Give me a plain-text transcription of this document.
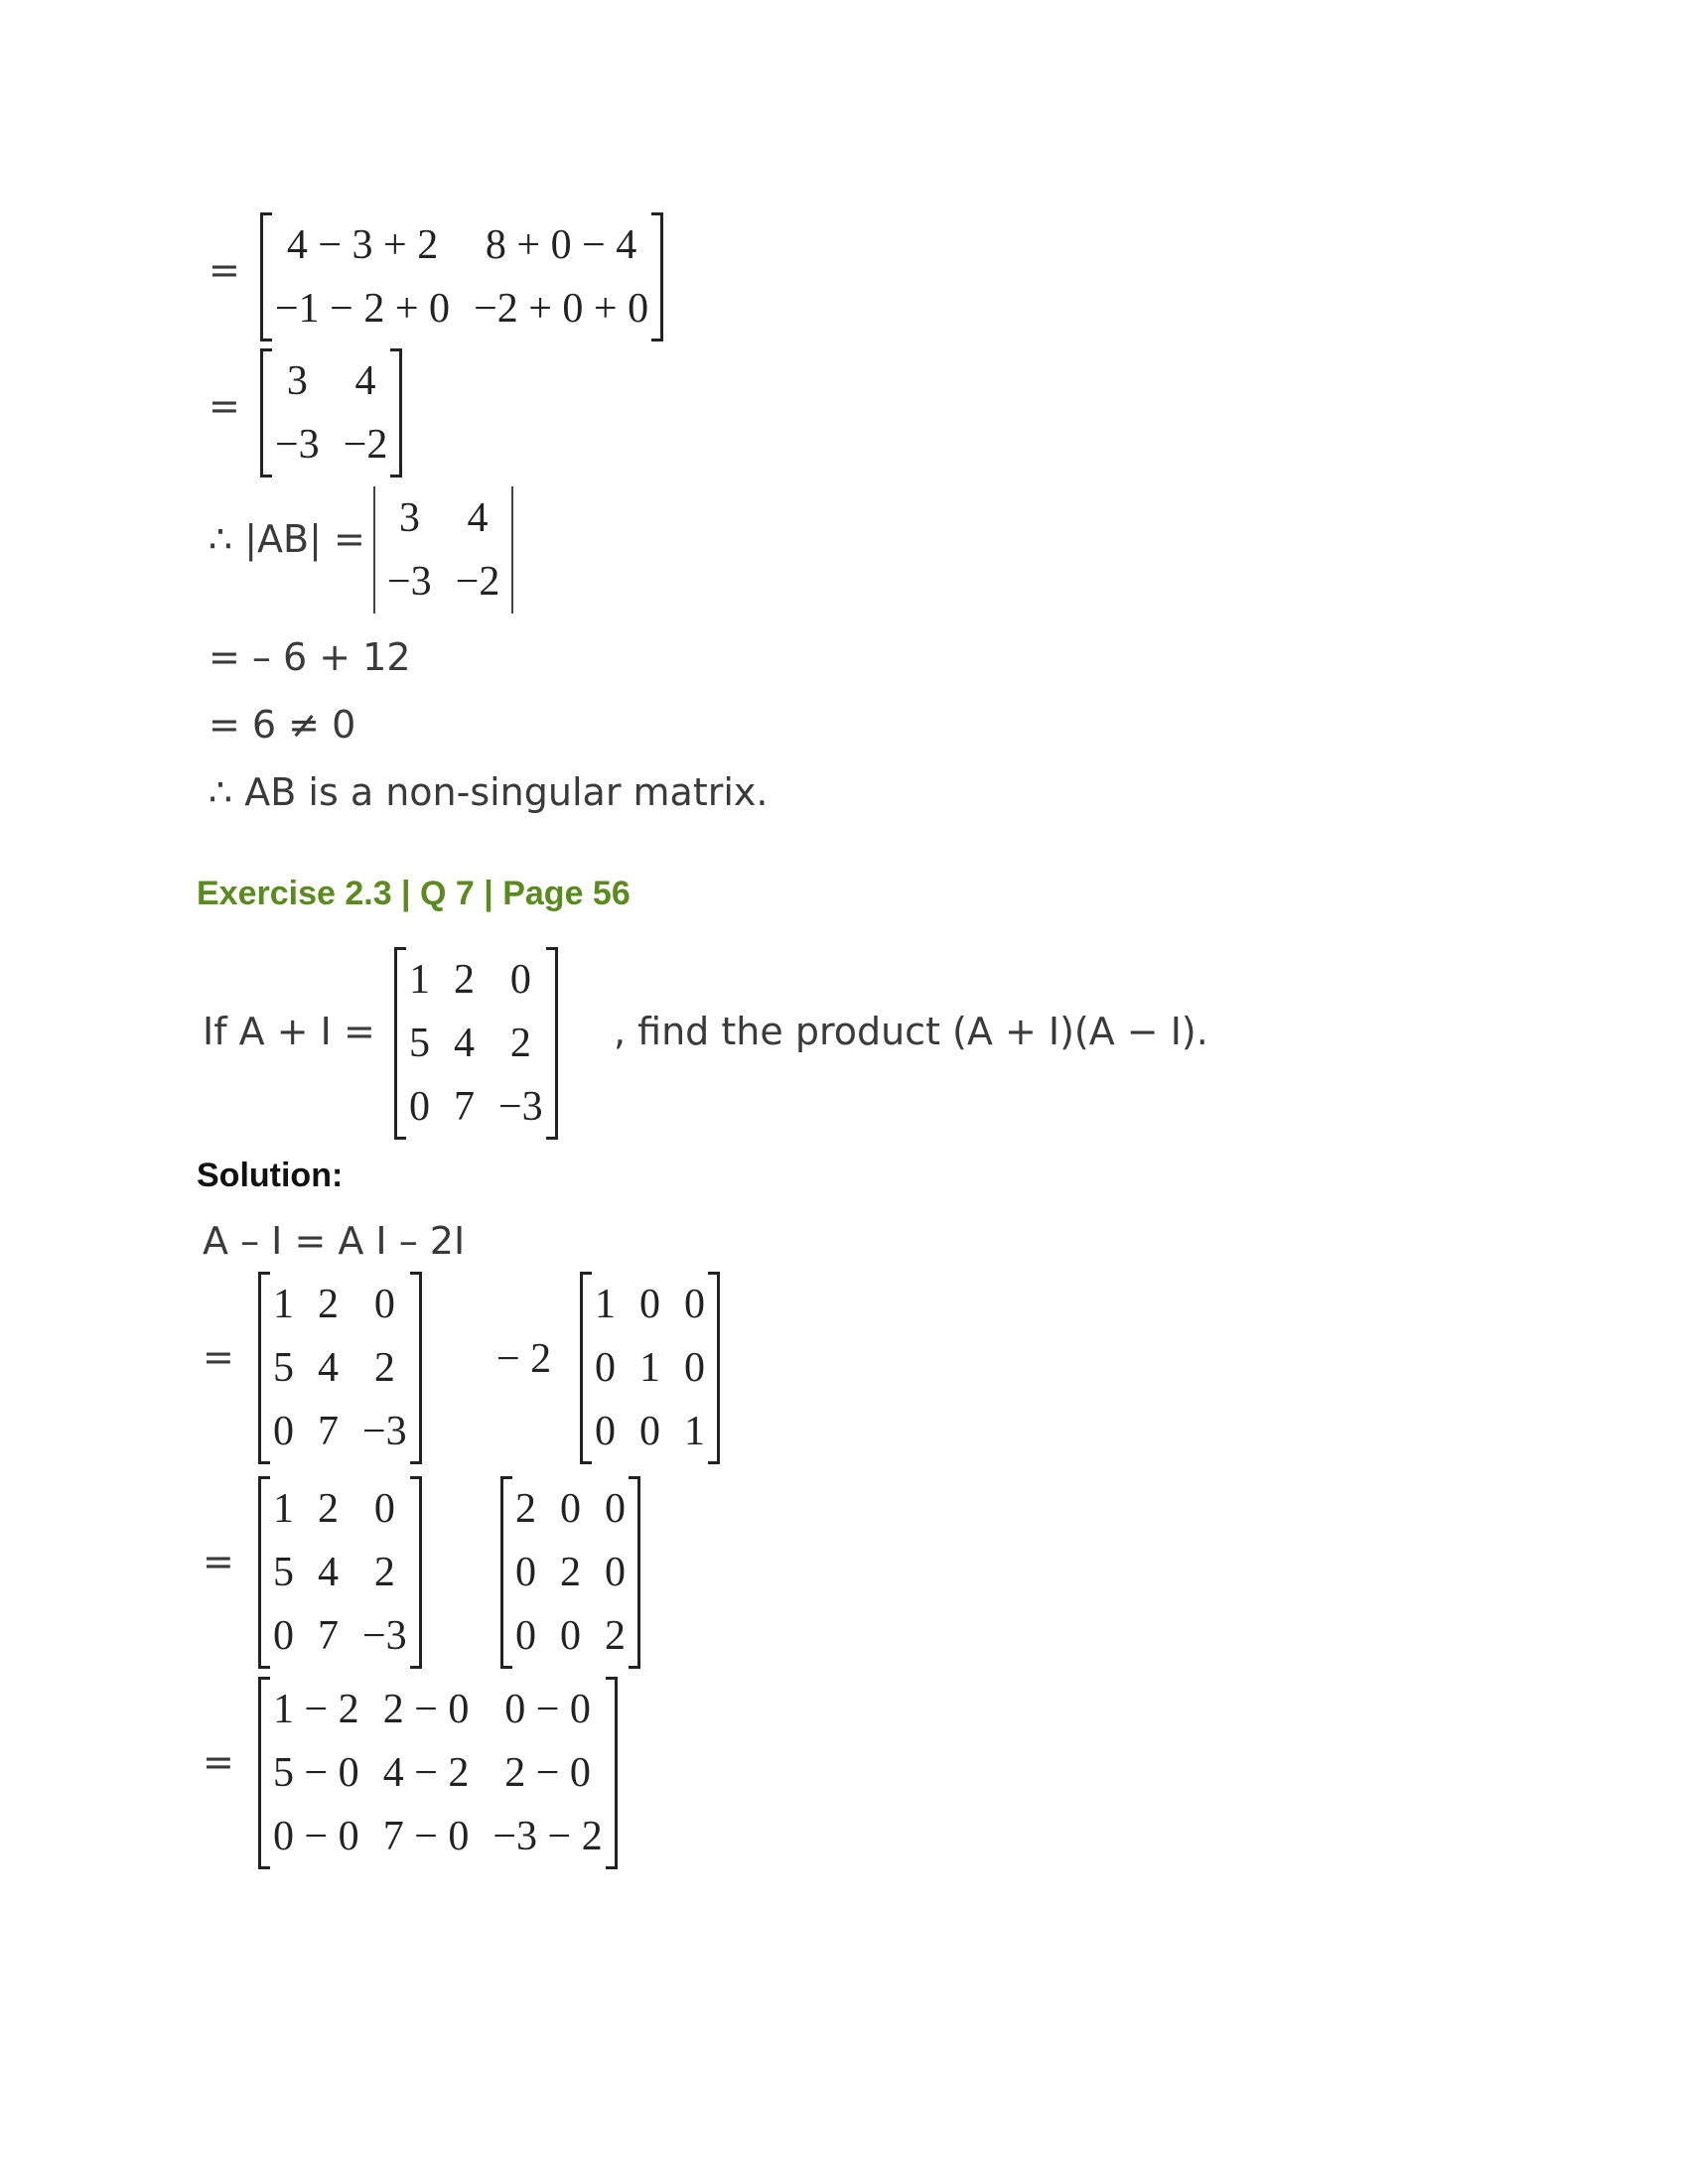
=
4 − 3 + 2	8 + 0 − 4
−1 − 2 + 0	−2 + 0 + 0
=
3	4
−3	−2
∴ |AB| = 3	4
−3	−2
= – 6 + 12
= 6 ≠ 0
∴ AB is a non-singular matrix.
Exercise 2.3 | Q 7 | Page 56
If A + I =
1	2	0
5	4	2
0	7	−3
, find the product (A + I)(A − I).
Solution:
A – I = A I – 2I
=
1	2	0
5	4	2
0	7	−3
− 2
1	0	0
0	1	0
0	0	1
=
1	2	0
5	4	2
0	7	−3
2	0	0
0	2	0
0	0	2
=
1 − 2	2 − 0	0 − 0
5 − 0	4 − 2	2 − 0
0 − 0	7 − 0	−3 − 2
